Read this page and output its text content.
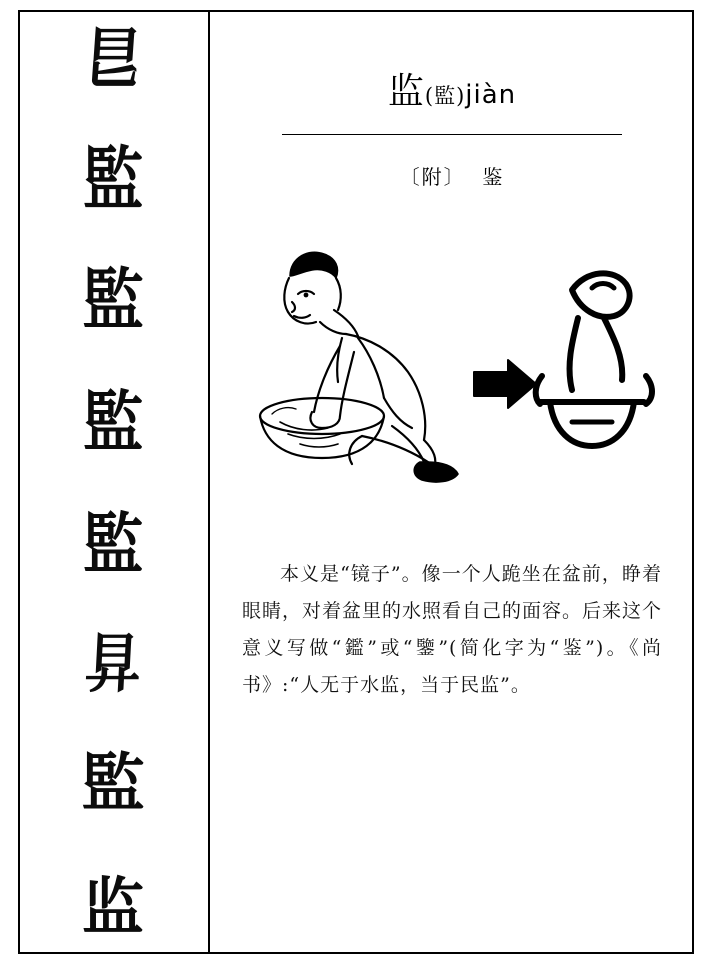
𥃩
監
監
監
監
𥃲
監
监
监(監)jiàn
〔附〕 鉴
本义是“镜子”。像一个人跪坐在盆前，睁着眼睛，对着盆里的水照看自己的面容。后来这个意义写做“鑑”或“鑒”(简化字为“鉴”)。《尚书》:“人无于水监，当于民监”。
